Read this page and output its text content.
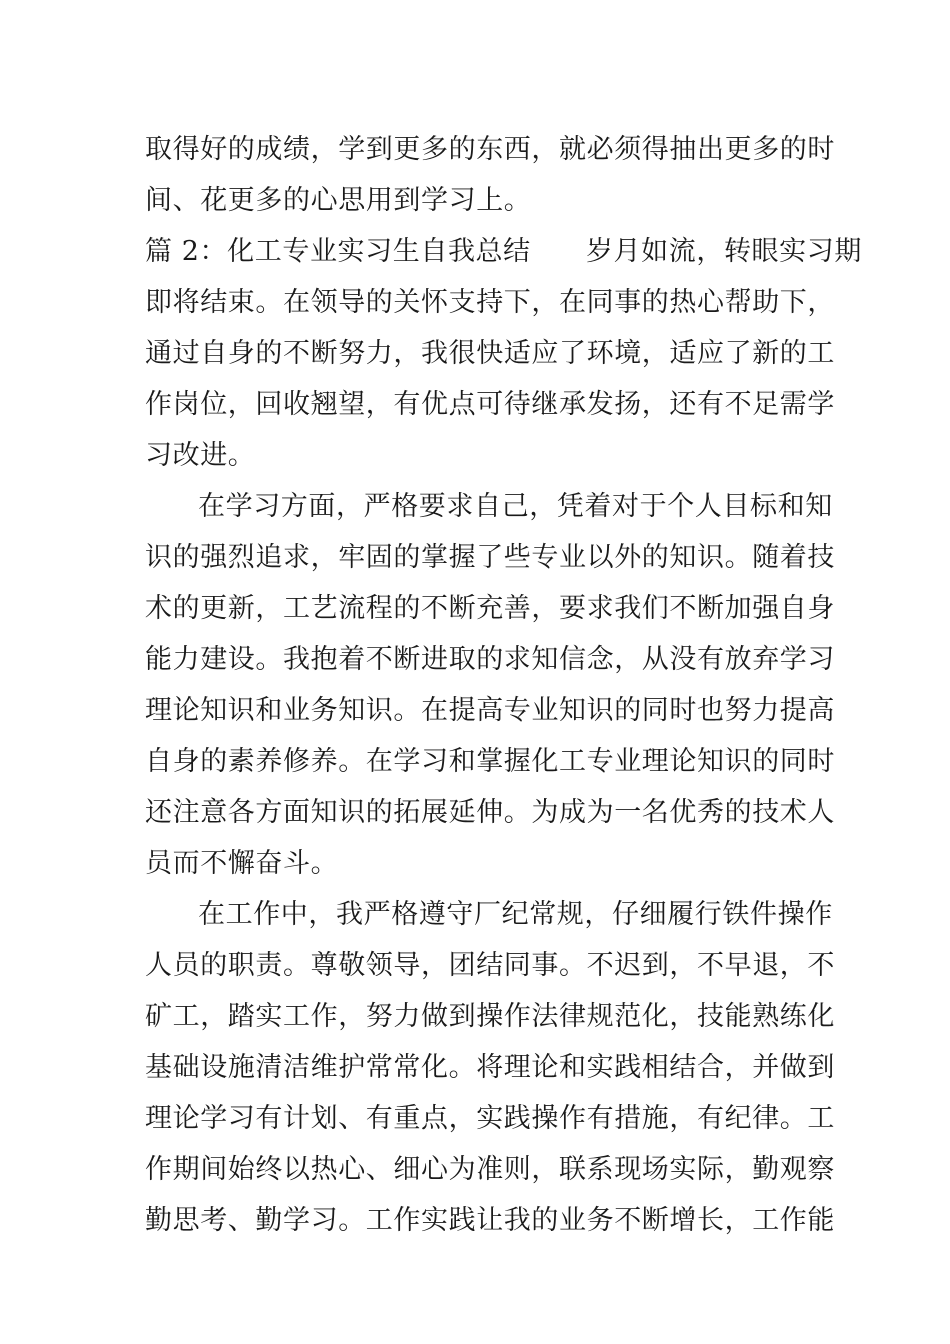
取得好的成绩，学到更多的东西，就必须得抽出更多的时
间、花更多的心思用到学习上。
篇 2：化工专业实习生自我总结　　岁月如流，转眼实习期
即将结束。在领导的关怀支持下，在同事的热心帮助下，
通过自身的不断努力，我很快适应了环境，适应了新的工
作岗位，回收翘望，有优点可待继承发扬，还有不足需学
习改进。
在学习方面，严格要求自己，凭着对于个人目标和知
识的强烈追求，牢固的掌握了些专业以外的知识。随着技
术的更新，工艺流程的不断充善，要求我们不断加强自身
能力建设。我抱着不断进取的求知信念，从没有放弃学习
理论知识和业务知识。在提高专业知识的同时也努力提高
自身的素养修养。在学习和掌握化工专业理论知识的同时
还注意各方面知识的拓展延伸。为成为一名优秀的技术人
员而不懈奋斗。
在工作中，我严格遵守厂纪常规，仔细履行铁件操作
人员的职责。尊敬领导，团结同事。不迟到，不早退，不
矿工，踏实工作，努力做到操作法律规范化，技能熟练化
基础设施清洁维护常常化。将理论和实践相结合，并做到
理论学习有计划、有重点，实践操作有措施，有纪律。工
作期间始终以热心、细心为准则，联系现场实际，勤观察
勤思考、勤学习。工作实践让我的业务不断增长，工作能
